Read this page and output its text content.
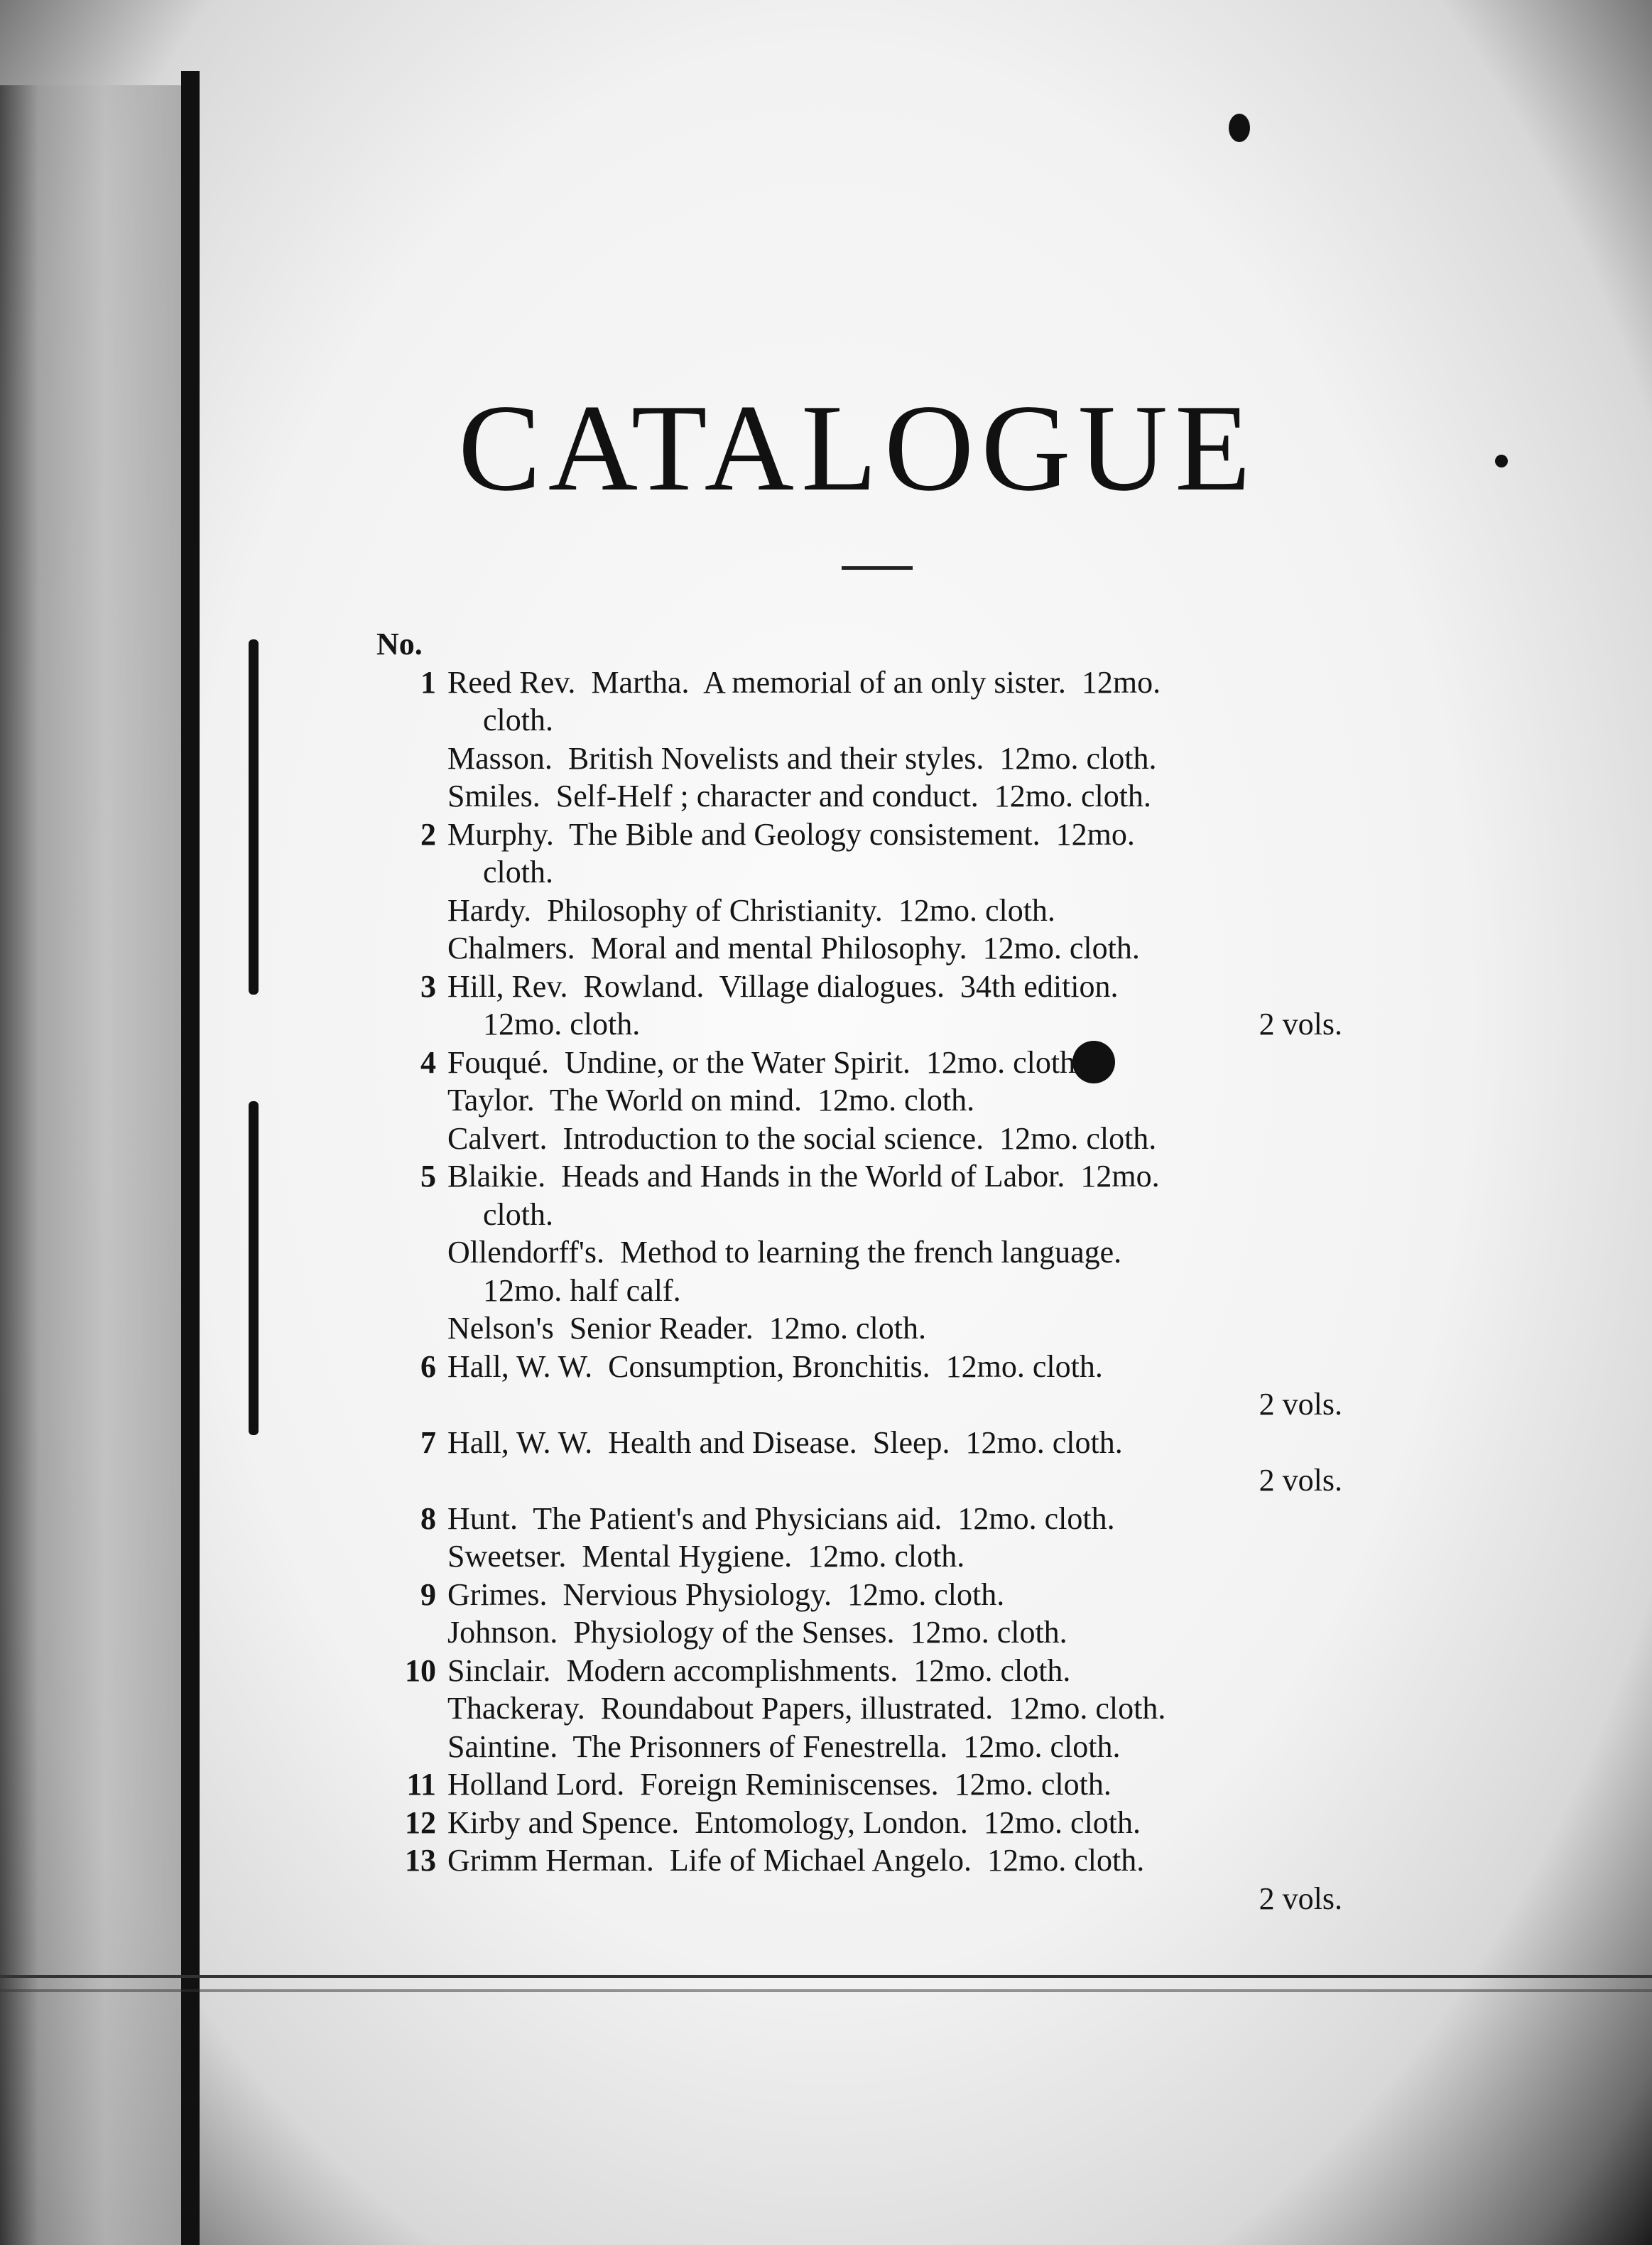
CATALOGUE
No.
1 Reed Rev.  Martha.  A memorial of an only sister.  12mo.
cloth.
Masson.  British Novelists and their styles.  12mo. cloth.
Smiles.  Self-Helf ; character and conduct.  12mo. cloth.
2 Murphy.  The Bible and Geology consistement.  12mo.
cloth.
Hardy.  Philosophy of Christianity.  12mo. cloth.
Chalmers.  Moral and mental Philosophy.  12mo. cloth.
3 Hill, Rev.  Rowland.  Village dialogues.  34th edition.
12mo. cloth.	2 vols.
4 Fouqué.  Undine, or the Water Spirit.  12mo. cloth.
Taylor.  The World on mind.  12mo. cloth.
Calvert.  Introduction to the social science.  12mo. cloth.
5 Blaikie.  Heads and Hands in the World of Labor.  12mo.
cloth.
Ollendorff's.  Method to learning the french language.
12mo. half calf.
Nelson's  Senior Reader.  12mo. cloth.
6 Hall, W. W.  Consumption, Bronchitis.  12mo. cloth.
2 vols.
7 Hall, W. W.  Health and Disease.  Sleep.  12mo. cloth.
2 vols.
8 Hunt.  The Patient's and Physicians aid.  12mo. cloth.
Sweetser.  Mental Hygiene.  12mo. cloth.
9 Grimes.  Nervious Physiology.  12mo. cloth.
Johnson.  Physiology of the Senses.  12mo. cloth.
10 Sinclair.  Modern accomplishments.  12mo. cloth.
Thackeray.  Roundabout Papers, illustrated.  12mo. cloth.
Saintine.  The Prisonners of Fenestrella.  12mo. cloth.
11 Holland Lord.  Foreign Reminiscenses.  12mo. cloth.
12 Kirby and Spence.  Entomology, London.  12mo. cloth.
13 Grimm Herman.  Life of Michael Angelo.  12mo. cloth.
2 vols.
